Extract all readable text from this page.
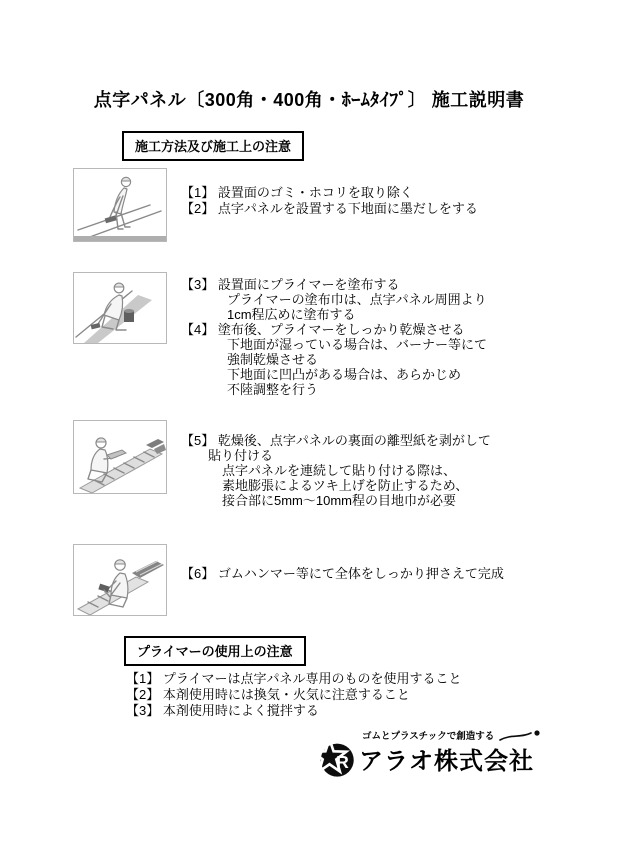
点字パネル〔300角・400角・ﾎｰﾑﾀｲﾌﾟ〕 施工説明書
施工方法及び施工上の注意
【1】 設置面のゴミ・ホコリを取り除く
【2】 点字パネルを設置する下地面に墨だしをする
【3】 設置面にプライマーを塗布する
プライマーの塗布巾は、点字パネル周囲より
1cm程広めに塗布する
【4】 塗布後、プライマーをしっかり乾燥させる
下地面が湿っている場合は、バーナー等にて
強制乾燥させる
下地面に凹凸がある場合は、あらかじめ
不陸調整を行う
【5】 乾燥後、点字パネルの裏面の離型紙を剥がして
貼り付ける
点字パネルを連続して貼り付ける際は、
素地膨張によるツキ上げを防止するため、
接合部に5mm～10mm程の目地巾が必要
【6】 ゴムハンマー等にて全体をしっかり押さえて完成
プライマーの使用上の注意
【1】 プライマーは点字パネル専用のものを使用すること
【2】 本剤使用時には換気・火気に注意すること
【3】 本剤使用時によく撹拌する
R
ゴムとプラスチックで創造する
アラオ株式会社
